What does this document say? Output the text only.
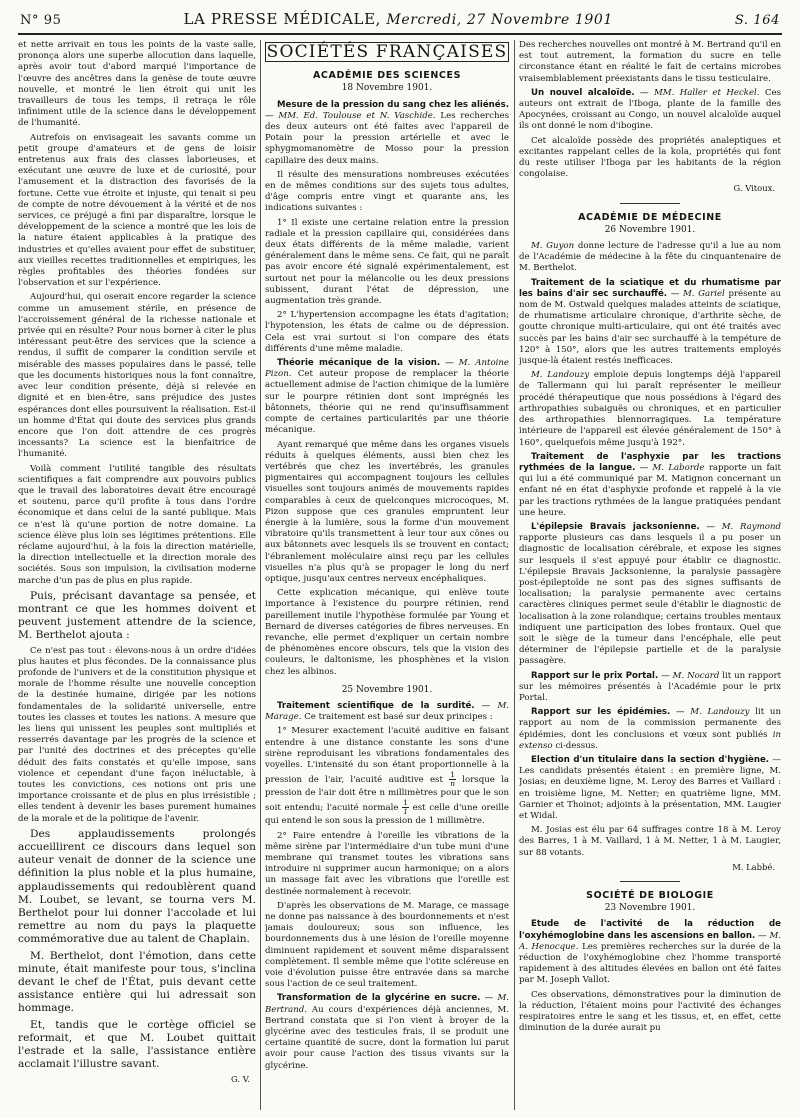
N° 95	LA PRESSE MÉDICALE, Mercredi, 27 Novembre 1901	S. 164

et nette arrivait en tous les points de la vaste salle, prononça alors une superbe allocution dans laquelle, après avoir tout d'abord marqué l'importance de l'œuvre des ancêtres dans la genèse de toute œuvre nouvelle, et montré le lien étroit qui unit les travailleurs de tous les temps, il retraça le rôle infiniment utile de la science dans le développement de l'humanité.

Autrefois on envisageait les savants comme un petit groupe d'amateurs et de gens de loisir entretenus aux frais des classes laborieuses, et exécutant une œuvre de luxe et de curiosité, pour l'amusement et la distraction des favorisés de la fortune. Cette vue étroite et injuste, qui tenait si peu de compte de notre dévouement à la vérité et de nos services, ce préjugé a fini par disparaître, lorsque le développement de la science a montré que les lois de la nature étaient applicables à la pratique des industries et qu'elles avaient pour effet de substituer, aux vieilles recettes traditionnelles et empiriques, les règles profitables des théories fondées sur l'observation et sur l'expérience.

Aujourd'hui, qui oserait encore regarder la science comme un amusement stérile, en présence de l'accroissement général de la richesse nationale et privée qui en résulte? Pour nous borner à citer le plus intéressant peut-être des services que la science a rendus, il suffit de comparer la condition servile et misérable des masses populaires dans le passé, telle que les documents historiques nous la font connaître, avec leur condition présente, déjà si relevée en dignité et en bien-être, sans préjudice des justes espérances dont elles poursuivent la réalisation. Est-il un homme d'État qui doute des services plus grands encore que l'on doit attendre de ces progrès incessants? La science est la bienfaitrice de l'humanité.

Voilà comment l'utilité tangible des résultats scientifiques a fait comprendre aux pouvoirs publics que le travail des laboratoires devait être encouragé et soutenu, parce qu'il profite à tous dans l'ordre économique et dans celui de la santé publique. Mais ce n'est là qu'une portion de notre domaine. La science élève plus loin ses légitimes prétentions. Elle réclame aujourd'hui, à la fois la direction matérielle, la direction intellectuelle et la direction morale des sociétés. Sous son impulsion, la civilisation moderne marche d'un pas de plus en plus rapide.

Puis, précisant davantage sa pensée, et montrant ce que les hommes doivent et peuvent justement attendre de la science, M. Berthelot ajouta :

Ce n'est pas tout : élevons-nous à un ordre d'idées plus hautes et plus fécondes. De la connaissance plus profonde de l'univers et de la constitution physique et morale de l'homme résulte une nouvelle conception de la destinée humaine, dirigée par les notions fondamentales de la solidarité universelle, entre toutes les classes et toutes les nations. A mesure que les liens qui unissent les peuples sont multipliés et resserrés davantage par les progrès de la science et par l'unité des doctrines et des préceptes qu'elle déduit des faits constatés et qu'elle impose, sans violence et cependant d'une façon inéluctable, à toutes les convictions, ces notions ont pris une importance croissante et de plus en plus irrésistible ; elles tendent à devenir les bases purement humaines de la morale et de la politique de l'avenir.

Des applaudissements prolongés accueillirent ce discours dans lequel son auteur venait de donner de la science une définition la plus noble et la plus humaine, applaudissements qui redoublèrent quand M. Loubet, se levant, se tourna vers M. Berthelot pour lui donner l'accolade et lui remettre au nom du pays la plaquette commémorative due au talent de Chaplain.

M. Berthelot, dont l'émotion, dans cette minute, était manifeste pour tous, s'inclina devant le chef de l'État, puis devant cette assistance entière qui lui adressait son hommage.

Et, tandis que le cortège officiel se reformait, et que M. Loubet quittait l'estrade et la salle, l'assistance entière acclamait l'illustre savant.

G. V.
SOCIÉTÉS FRANÇAISES
ACADÉMIE DES SCIENCES
18 Novembre 1901.

Mesure de la pression du sang chez les aliénés. — MM. Ed. Toulouse et N. Vaschide. Les recherches des deux auteurs ont été faites avec l'appareil de Potain pour la pression artérielle et avec le sphygmomanomètre de Mosso pour la pression capillaire des deux mains.

Il résulte des mensurations nombreuses exécutées en de mêmes conditions sur des sujets tous adultes, d'âge compris entre vingt et quarante ans, les indications suivantes :

1° Il existe une certaine relation entre la pression radiale et la pression capillaire qui, considérées dans deux états différents de la même maladie, varient généralement dans le même sens. Ce fait, qui ne paraît pas avoir encore été signalé expérimentalement, est surtout net pour la mélancolie ou les deux pressions subissent, durant l'état de dépression, une augmentation très grande.

2° L'hypertension accompagne les états d'agitation; l'hypotension, les états de calme ou de dépression. Cela est vrai surtout si l'on compare des états différents d'une même maladie.

Théorie mécanique de la vision. — M. Antoine Pizon. Cet auteur propose de remplacer la théorie actuellement admise de l'action chimique de la lumière sur le pourpre rétinien dont sont imprégnés les bâtonnets, théorie qui ne rend qu'insuffisamment compte de certaines particularités par une théorie mécanique.

Ayant remarqué que même dans les organes visuels réduits à quelques éléments, aussi bien chez les vertébrés que chez les invertébrés, les granules pigmentaires qui accompagnent toujours les cellules visuelles sont toujours animés de mouvements rapides comparables à ceux de quelconques microcoques, M. Pizon suppose que ces granules empruntent leur énergie à la lumière, sous la forme d'un mouvement vibratoire qu'ils transmettent à leur tour aux cônes ou aux bâtonnets avec lesquels ils se trouvent en contact; l'ébranlement moléculaire ainsi reçu par les cellules visuelles n'a plus qu'à se propager le long du nerf optique, jusqu'aux centres nerveux encéphaliques.

Cette explication mécanique, qui enlève toute importance à l'existence du pourpre rétinien, rend pareillement inutile l'hypothèse formulée par Young et Bernard de diverses catégories de fibres nerveuses. En revanche, elle permet d'expliquer un certain nombre de phénomènes encore obscurs, tels que la vision des couleurs, le daltonisme, les phosphènes et la vision chez les albinos.

25 Novembre 1901.

Traitement scientifique de la surdité. — M. Marage. Ce traitement est basé sur deux principes :

1° Mesurer exactement l'acuité auditive en faisant entendre à une distance constante les sons d'une sirène reproduisant les vibrations fondamentales des voyelles. L'intensité du son étant proportionnelle à la pression de l'air, l'acuité auditive est $\frac{1}{n}$ lorsque la pression de l'air doit être n millimètres pour que le son soit entendu; l'acuité normale $\frac{1}{1}$ est celle d'une oreille qui entend le son sous la pression de 1 millimètre.

2° Faire entendre à l'oreille les vibrations de la même sirène par l'intermédiaire d'un tube muni d'une membrane qui transmet toutes les vibrations sans introduire ni supprimer aucun harmonique; on a alors un massage fait avec les vibrations que l'oreille est destinée normalement à recevoir.

D'après les observations de M. Marage, ce massage ne donne pas naissance à des bourdonnements et n'est jamais douloureux; sous son influence, les bourdonnements dus à une lésion de l'oreille moyenne diminuent rapidement et souvent même disparaissent complètement. Il semble même que l'otite scléreuse en voie d'évolution puisse être entravée dans sa marche sous l'action de ce seul traitement.

Transformation de la glycérine en sucre. — M. Bertrand. Au cours d'expériences déjà anciennes, M. Bertrand constata que si l'on vient à broyer de la glycérine avec des testicules frais, il se produit une certaine quantité de sucre, dont la formation lui parut avoir pour cause l'action des tissus vivants sur la glycérine.

Des recherches nouvelles ont montré à M. Bertrand qu'il en est tout autrement, la formation du sucre en telle circonstance étant en réalité le fait de certains microbes vraisemblablement préexistants dans le tissu testiculaire.

Un nouvel alcaloïde. — MM. Haller et Heckel. Ces auteurs ont extrait de l'Iboga, plante de la famille des Apocynées, croissant au Congo, un nouvel alcaloïde auquel ils ont donné le nom d'ibogine.

Cet alcaloïde possède des propriétés analeptiques et excitantes rappelant celles de la kola, propriétés qui font du reste utiliser l'Iboga par les habitants de la région congolaise.

G. Vitoux.
ACADÉMIE DE MÉDECINE
26 Novembre 1901.

M. Guyon donne lecture de l'adresse qu'il a lue au nom de l'Académie de médecine à la fête du cinquantenaire de M. Berthelot.

Traitement de la sciatique et du rhumatisme par les bains d'air sec surchauffé. — M. Gariel présente au nom de M. Ostwald quelques malades atteints de sciatique, de rhumatisme articulaire chronique, d'arthrite sèche, de goutte chronique multi-articulaire, qui ont été traités avec succès par les bains d'air sec surchauffé à la tempéture de 120° à 150°, alors que les autres traitements employés jusque-là étaient restés inefficaces.

M. Landouzy emploie depuis longtemps déjà l'appareil de Tallermann qui lui paraît représenter le meilleur procédé thérapeutique que nous possédions à l'égard des arthropathies subaiguës ou chroniques, et en particulier des arthropathies blennorragiques. La température intérieure de l'appareil est élevée généralement de 150° à 160°, quelquefois même jusqu'à 192°.

Traitement de l'asphyxie par les tractions rythmées de la langue. — M. Laborde rapporte un fait qui lui a été communiqué par M. Matignon concernant un enfant né en état d'asphyxie profonde et rappelé à la vie par les tractions rythmées de la langue pratiquées pendant une heure.

L'épilepsie Bravais jacksonienne. — M. Raymond rapporte plusieurs cas dans lesquels il a pu poser un diagnostic de localisation cérébrale, et expose les signes sur lesquels il s'est appuyé pour établir ce diagnostic. L'épilepsie Bravais Jacksonienne, la paralysie passagère post-épileptoïde ne sont pas des signes suffisants de localisation; la paralysie permanente avec certains caractères cliniques permet seule d'établir le diagnostic de localisation à la zone rolandique; certains troubles mentaux indiquent une participation des lobes frontaux. Quel que soit le siège de la tumeur dans l'encéphale, elle peut déterminer de l'épilepsie partielle et de la paralysie passagère.

Rapport sur le prix Portal. — M. Nocard lit un rapport sur les mémoires présentés à l'Académie pour le prix Portal.

Rapport sur les épidémies. — M. Landouzy lit un rapport au nom de la commission permanente des épidémies, dont les conclusions et vœux sont publiés in extenso ci-dessus.

Election d'un titulaire dans la section d'hygiène. — Les candidats présentés étaient : en première ligne, M. Josias; en deuxième ligne, M. Leroy des Barres et Vaillard : en troisième ligne, M. Netter; en quatrième ligne, MM. Garnier et Thoinot; adjoints à la présentation, MM. Laugier et Widal.

M. Josias est élu par 64 suffrages contre 18 à M. Leroy des Barres, 1 à M. Vaillard, 1 à M. Netter, 1 à M. Laugier, sur 88 votants.

M. Labbé.
SOCIÉTÉ DE BIOLOGIE
23 Novembre 1901.

Etude de l'activité de la réduction de l'oxyhémoglobine dans les ascensions en ballon. — M. A. Henocque. Les premières recherches sur la durée de la réduction de l'oxyhémoglobine chez l'homme transporté rapidement à des altitudes élevées en ballon ont été faites par M. Joseph Vallot.

Ces observations, démonstratives pour la diminution de la réduction, l'étaient moins pour l'activité des échanges respiratoires entre le sang et les tissus, et, en effet, cette diminution de la durée aurait pu
